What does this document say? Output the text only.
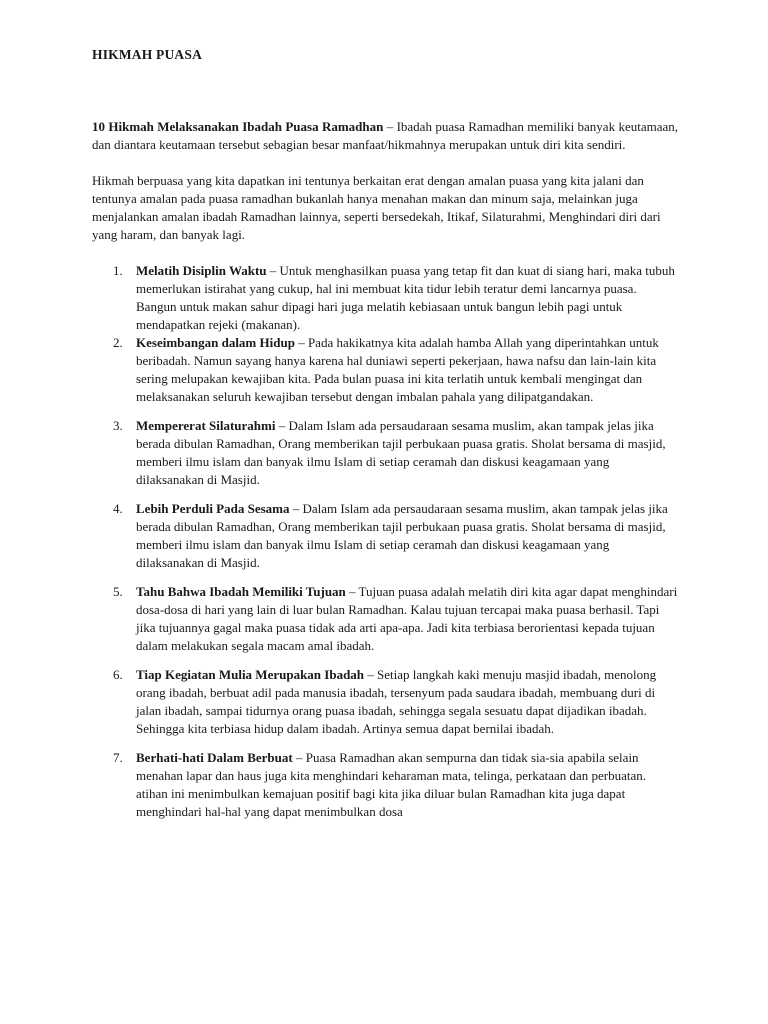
HIKMAH PUASA

10 Hikmah Melaksanakan Ibadah Puasa Ramadhan – Ibadah puasa Ramadhan memiliki banyak keutamaan, dan diantara keutamaan tersebut sebagian besar manfaat/hikmahnya merupakan untuk diri kita sendiri.

Hikmah berpuasa yang kita dapatkan ini tentunya berkaitan erat dengan amalan puasa yang kita jalani dan tentunya amalan pada puasa ramadhan bukanlah hanya menahan makan dan minum saja, melainkan juga menjalankan amalan ibadah Ramadhan lainnya, seperti bersedekah, Itikaf, Silaturahmi, Menghindari diri dari yang haram, dan banyak lagi.

1. Melatih Disiplin Waktu – Untuk menghasilkan puasa yang tetap fit dan kuat di siang hari, maka tubuh memerlukan istirahat yang cukup, hal ini membuat kita tidur lebih teratur demi lancarnya puasa. Bangun untuk makan sahur dipagi hari juga melatih kebiasaan untuk bangun lebih pagi untuk mendapatkan rejeki (makanan).
2. Keseimbangan dalam Hidup – Pada hakikatnya kita adalah hamba Allah yang diperintahkan untuk beribadah. Namun sayang hanya karena hal duniawi seperti pekerjaan, hawa nafsu dan lain-lain kita sering melupakan kewajiban kita. Pada bulan puasa ini kita terlatih untuk kembali mengingat dan melaksanakan seluruh kewajiban tersebut dengan imbalan pahala yang dilipatgandakan.
3. Mempererat Silaturahmi – Dalam Islam ada persaudaraan sesama muslim, akan tampak jelas jika berada dibulan Ramadhan, Orang memberikan tajil perbukaan puasa gratis. Sholat bersama di masjid, memberi ilmu islam dan banyak ilmu Islam di setiap ceramah dan diskusi keagamaan yang dilaksanakan di Masjid.
4. Lebih Perduli Pada Sesama – Dalam Islam ada persaudaraan sesama muslim, akan tampak jelas jika berada dibulan Ramadhan, Orang memberikan tajil perbukaan puasa gratis. Sholat bersama di masjid, memberi ilmu islam dan banyak ilmu Islam di setiap ceramah dan diskusi keagamaan yang dilaksanakan di Masjid.
5. Tahu Bahwa Ibadah Memiliki Tujuan – Tujuan puasa adalah melatih diri kita agar dapat menghindari dosa-dosa di hari yang lain di luar bulan Ramadhan. Kalau tujuan tercapai maka puasa berhasil. Tapi jika tujuannya gagal maka puasa tidak ada arti apa-apa. Jadi kita terbiasa berorientasi kepada tujuan dalam melakukan segala macam amal ibadah.
6. Tiap Kegiatan Mulia Merupakan Ibadah – Setiap langkah kaki menuju masjid ibadah, menolong orang ibadah, berbuat adil pada manusia ibadah, tersenyum pada saudara ibadah, membuang duri di jalan ibadah, sampai tidurnya orang puasa ibadah, sehingga segala sesuatu dapat dijadikan ibadah. Sehingga kita terbiasa hidup dalam ibadah. Artinya semua dapat bernilai ibadah.
7. Berhati-hati Dalam Berbuat – Puasa Ramadhan akan sempurna dan tidak sia-sia apabila selain menahan lapar dan haus juga kita menghindari keharaman mata, telinga, perkataan dan perbuatan. atihan ini menimbulkan kemajuan positif bagi kita jika diluar bulan Ramadhan kita juga dapat menghindari hal-hal yang dapat menimbulkan dosa
